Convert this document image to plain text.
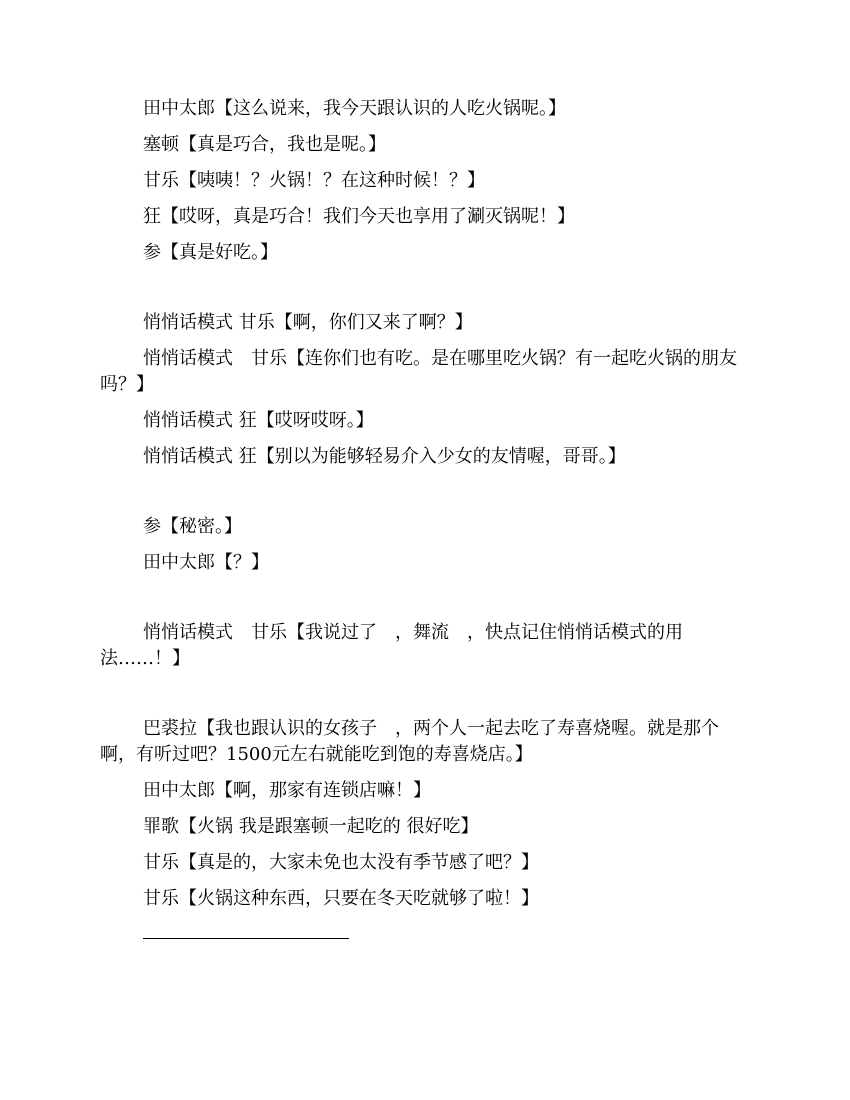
田中太郎【这么说来，我今天跟认识的人吃火锅呢。】

塞顿【真是巧合，我也是呢。】

甘乐【咦咦！？火锅！？在这种时候！？】

狂【哎呀，真是巧合！我们今天也享用了涮灭锅呢！】

参【真是好吃。】

悄悄话模式 甘乐【啊，你们又来了啊？】

悄悄话模式　甘乐【连你们也有吃。是在哪里吃火锅？有一起吃火锅的朋友吗？】

悄悄话模式 狂【哎呀哎呀。】

悄悄话模式 狂【别以为能够轻易介入少女的友情喔，哥哥。】

参【秘密。】

田中太郎【？】

悄悄话模式　甘乐【我说过了　，舞流　，快点记住悄悄话模式的用法……！】

巴裘拉【我也跟认识的女孩子　，两个人一起去吃了寿喜烧喔。就是那个啊，有听过吧？1500元左右就能吃到饱的寿喜烧店。】

田中太郎【啊，那家有连锁店嘛！】

罪歌【火锅 我是跟塞顿一起吃的 很好吃】

甘乐【真是的，大家未免也太没有季节感了吧？】

甘乐【火锅这种东西，只要在冬天吃就够了啦！】
